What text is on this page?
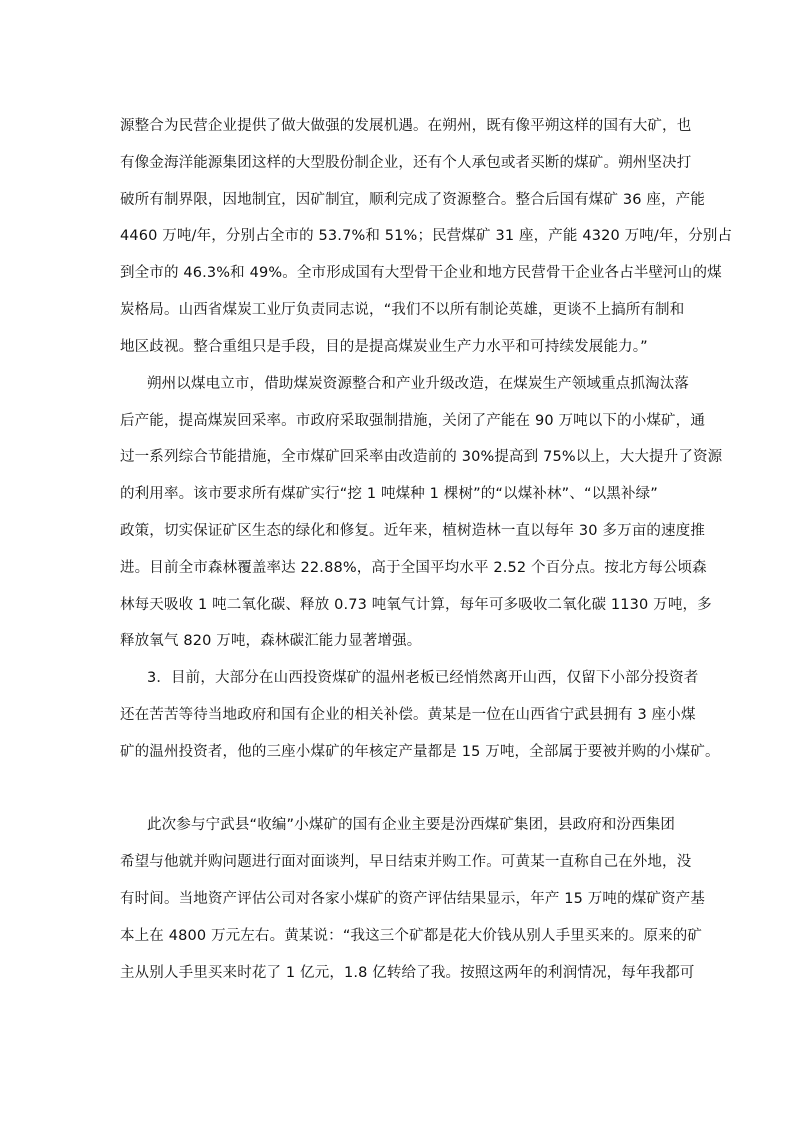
源整合为民营企业提供了做大做强的发展机遇。在朔州，既有像平朔这样的国有大矿，也
有像金海洋能源集团这样的大型股份制企业，还有个人承包或者买断的煤矿。朔州坚决打
破所有制界限，因地制宜，因矿制宜，顺利完成了资源整合。整合后国有煤矿 36 座，产能
4460 万吨/年，分别占全市的 53.7%和 51%；民营煤矿 31 座，产能 4320 万吨/年，分别占
到全市的 46.3%和 49%。全市形成国有大型骨干企业和地方民营骨干企业各占半壁河山的煤
炭格局。山西省煤炭工业厅负责同志说，“我们不以所有制论英雄，更谈不上搞所有制和
地区歧视。整合重组只是手段，目的是提高煤炭业生产力水平和可持续发展能力。”
朔州以煤电立市，借助煤炭资源整合和产业升级改造，在煤炭生产领域重点抓淘汰落
后产能，提高煤炭回采率。市政府采取强制措施，关闭了产能在 90 万吨以下的小煤矿，通
过一系列综合节能措施，全市煤矿回采率由改造前的 30%提高到 75%以上，大大提升了资源
的利用率。该市要求所有煤矿实行“挖 1 吨煤种 1 棵树”的“以煤补林”、“以黑补绿”
政策，切实保证矿区生态的绿化和修复。近年来，植树造林一直以每年 30 多万亩的速度推
进。目前全市森林覆盖率达 22.88%，高于全国平均水平 2.52 个百分点。按北方每公顷森
林每天吸收 1 吨二氧化碳、释放 0.73 吨氧气计算，每年可多吸收二氧化碳 1130 万吨，多
释放氧气 820 万吨，森林碳汇能力显著增强。
3．目前，大部分在山西投资煤矿的温州老板已经悄然离开山西，仅留下小部分投资者
还在苦苦等待当地政府和国有企业的相关补偿。黄某是一位在山西省宁武县拥有 3 座小煤
矿的温州投资者，他的三座小煤矿的年核定产量都是 15 万吨，全部属于要被并购的小煤矿。
此次参与宁武县“收编”小煤矿的国有企业主要是汾西煤矿集团，县政府和汾西集团
希望与他就并购问题进行面对面谈判，早日结束并购工作。可黄某一直称自己在外地，没
有时间。当地资产评估公司对各家小煤矿的资产评估结果显示，年产 15 万吨的煤矿资产基
本上在 4800 万元左右。黄某说：“我这三个矿都是花大价钱从别人手里买来的。原来的矿
主从别人手里买来时花了 1 亿元，1.8 亿转给了我。按照这两年的利润情况，每年我都可
